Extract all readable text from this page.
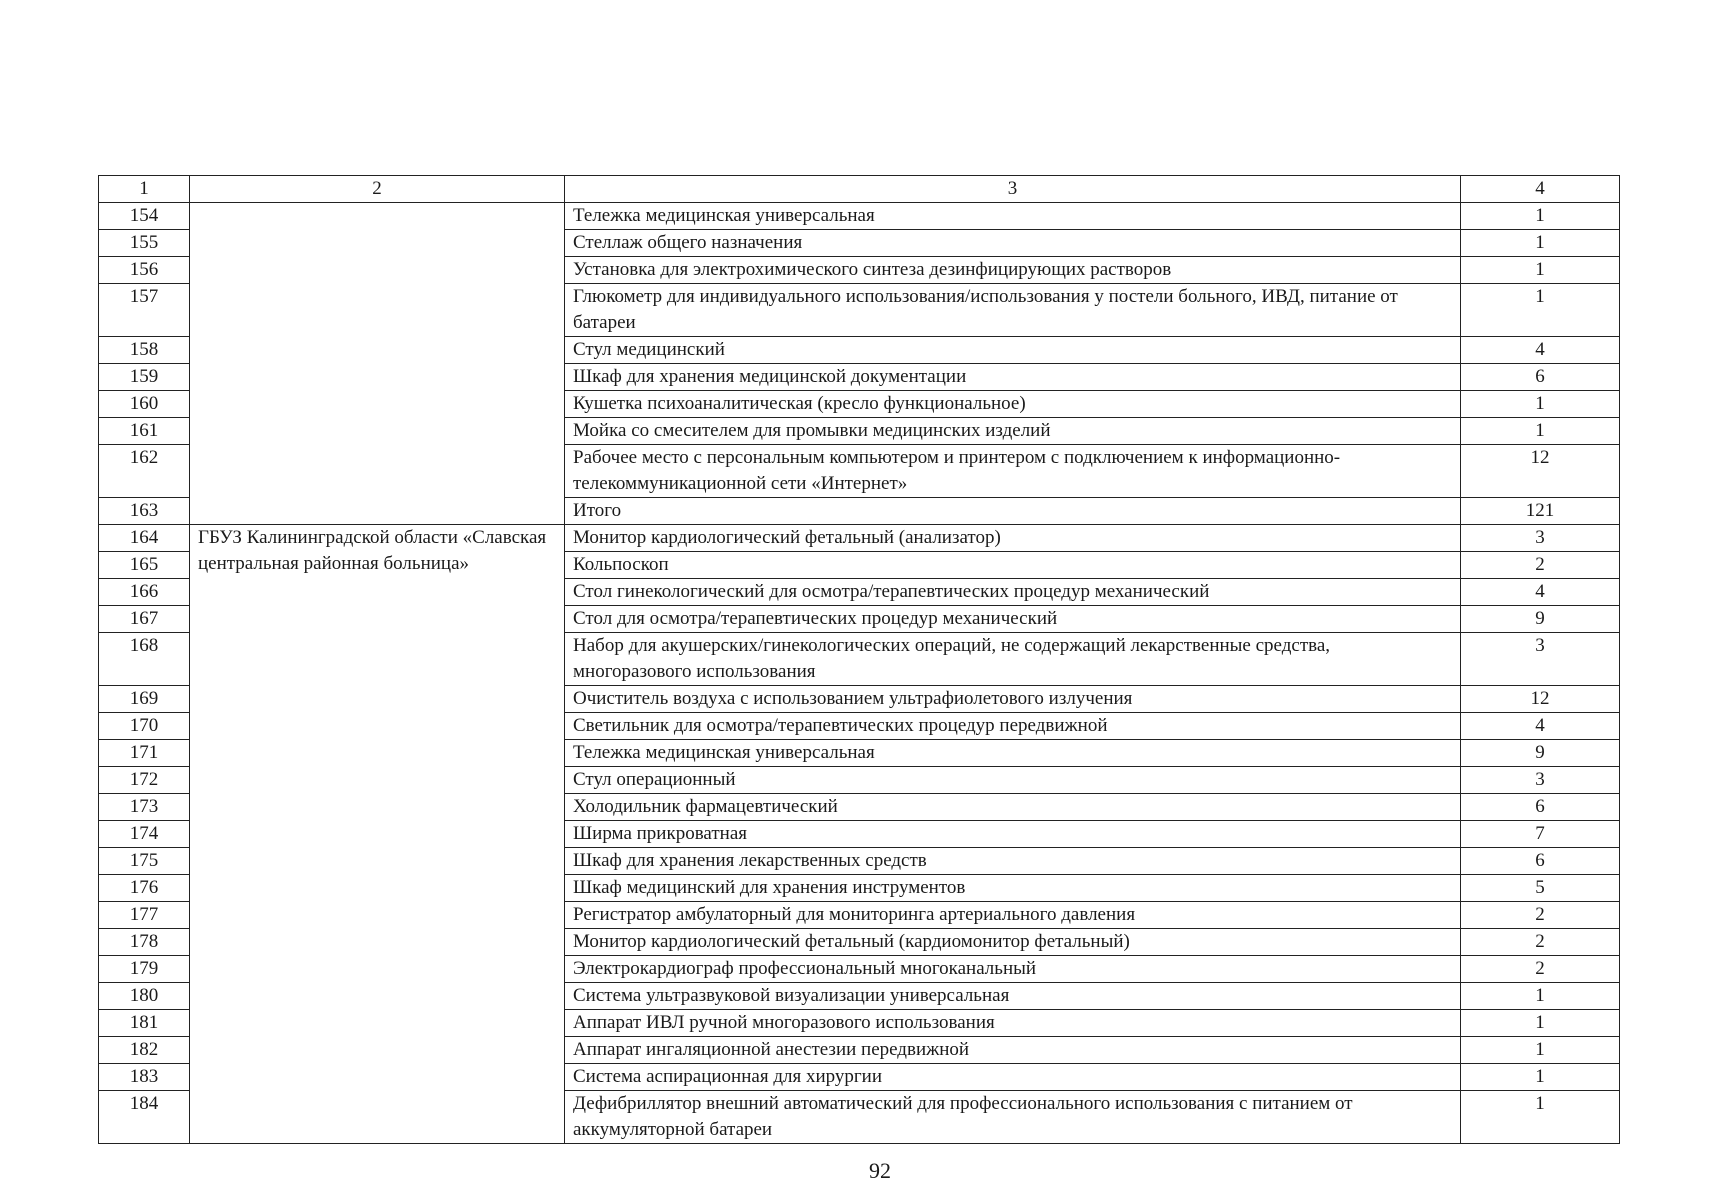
1	2	3	4
154		Тележка медицинская универсальная	1
155		Стеллаж общего назначения	1
156		Установка для электрохимического синтеза дезинфицирующих растворов	1
157		Глюкометр для индивидуального использования/использования у постели больного, ИВД, питание от батареи	1
158		Стул медицинский	4
159		Шкаф для хранения медицинской документации	6
160		Кушетка психоаналитическая (кресло функциональное)	1
161		Мойка со смесителем для промывки медицинских изделий	1
162		Рабочее место с персональным компьютером и принтером с подключением к информационно-телекоммуникационной сети «Интернет»	12
163		Итого	121
164	ГБУЗ Калининградской области «Славская центральная районная больница»	Монитор кардиологический фетальный (анализатор)	3
165		Кольпоскоп	2
166		Стол гинекологический для осмотра/терапевтических процедур механический	4
167		Стол для осмотра/терапевтических процедур механический	9
168		Набор для акушерских/гинекологических операций, не содержащий лекарственные средства, многоразового использования	3
169		Очиститель воздуха с использованием ультрафиолетового излучения	12
170		Светильник для осмотра/терапевтических процедур передвижной	4
171		Тележка медицинская универсальная	9
172		Стул операционный	3
173		Холодильник фармацевтический	6
174		Ширма прикроватная	7
175		Шкаф для хранения лекарственных средств	6
176		Шкаф медицинский для хранения инструментов	5
177		Регистратор амбулаторный для мониторинга артериального давления	2
178		Монитор кардиологический фетальный (кардиомонитор фетальный)	2
179		Электрокардиограф профессиональный многоканальный	2
180		Система ультразвуковой визуализации универсальная	1
181		Аппарат ИВЛ ручной многоразового использования	1
182		Аппарат ингаляционной анестезии передвижной	1
183		Система аспирационная для хирургии	1
184		Дефибриллятор внешний автоматический для профессионального использования с питанием от аккумуляторной батареи	1
92
